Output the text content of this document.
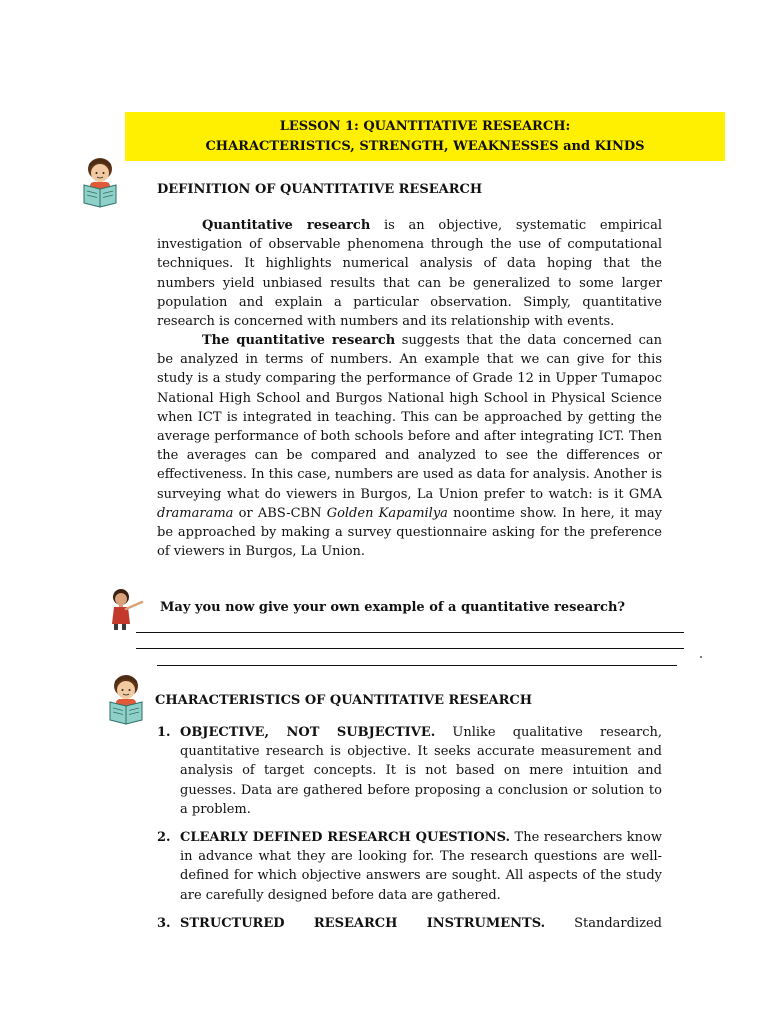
LESSON 1: QUANTITATIVE RESEARCH:
CHARACTERISTICS, STRENGTH, WEAKNESSES and KINDS
DEFINITION OF QUANTITATIVE RESEARCH

Quantitative research is an objective, systematic empirical investigation of observable phenomena through the use of computational techniques. It highlights numerical analysis of data hoping that the numbers yield unbiased results that can be generalized to some larger population and explain a particular observation. Simply, quantitative research is concerned with numbers and its relationship with events.

The quantitative research suggests that the data concerned can be analyzed in terms of numbers. An example that we can give for this study is a study comparing the performance of Grade 12 in Upper Tumapoc National High School and Burgos National high School in Physical Science when ICT is integrated in teaching. This can be approached by getting the average performance of both schools before and after integrating ICT. Then the averages can be compared and analyzed to see the differences or effectiveness. In this case, numbers are used as data for analysis. Another is surveying what do viewers in Burgos, La Union prefer to watch: is it GMA dramarama or ABS-CBN Golden Kapamilya noontime show. In here, it may be approached by making a survey questionnaire asking for the preference of viewers in Burgos, La Union.

May you now give your own example of a quantitative research?
CHARACTERISTICS OF QUANTITATIVE RESEARCH
1. OBJECTIVE, NOT SUBJECTIVE. Unlike qualitative research, quantitative research is objective. It seeks accurate measurement and analysis of target concepts. It is not based on mere intuition and guesses. Data are gathered before proposing a conclusion or solution to a problem.
2. CLEARLY DEFINED RESEARCH QUESTIONS. The researchers know in advance what they are looking for. The research questions are well-defined for which objective answers are sought. All aspects of the study are carefully designed before data are gathered.
3. STRUCTURED RESEARCH INSTRUMENTS. Standardized
